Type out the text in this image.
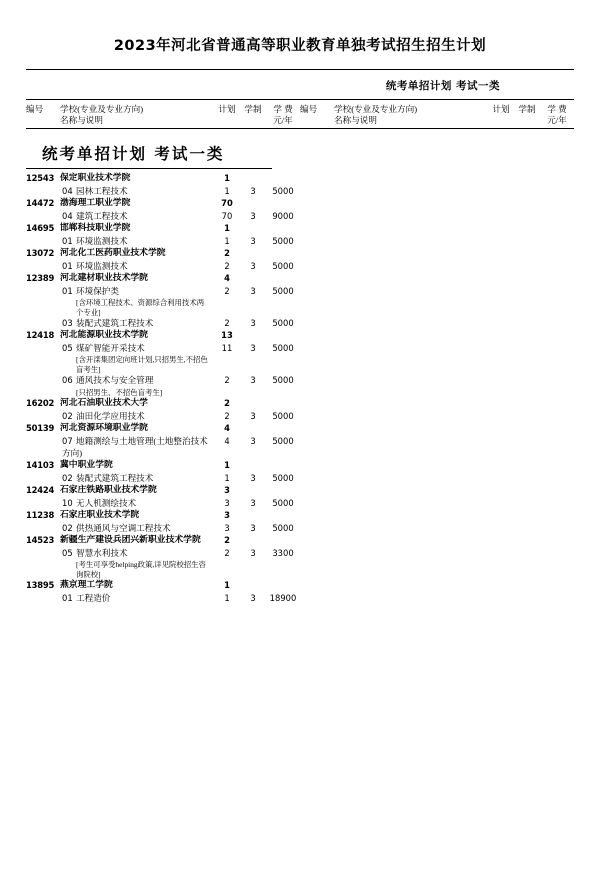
2023年河北省普通高等职业教育单独考试招生招生计划
统考单招计划 考试一类
编号	学校(专业及专业方向)
名称与说明
计划	学制	学 费
元/年
编号	学校(专业及专业方向)
名称与说明
计划	学制	学 费
元/年
统考单招计划 考试一类
12543 保定职业技术学院	1
04 园林工程技术	1	3	5000
14472 渤海理工职业学院	70
04 建筑工程技术	70	3	9000
14695 邯郸科技职业学院	1
01 环境监测技术	1	3	5000
13072 河北化工医药职业技术学院	2
01 环境监测技术	2	3	5000
12389 河北建材职业技术学院	4
01 环境保护类	2	3	5000
[含环境工程技术、资源综合利用技术两个专业]
03 装配式建筑工程技术	2	3	5000
12418 河北能源职业技术学院	13
05 煤矿智能开采技术	11	3	5000
[含开滦集团定向班计划,只招男生,不招色盲考生]
06 通风技术与安全管理	2	3	5000
[只招男生、不招色盲考生]
16202 河北石油职业技术大学	2
02 油田化学应用技术	2	3	5000
50139 河北资源环境职业学院	4
07 地籍测绘与土地管理(土地整治技术方向)
4	3	5000
14103 冀中职业学院	1
02 装配式建筑工程技术	1	3	5000
12424 石家庄铁路职业技术学院	3
10 无人机测绘技术	3	3	5000
11238 石家庄职业技术学院	3
02 供热通风与空调工程技术	3	3	5000
14523 新疆生产建设兵团兴新职业技术学院	2
05 智慧水利技术	2	3	3300
[考生可享受helping政策,详见院校招生咨询院校]
13895 燕京理工学院	1
01 工程造价	1	3	18900
